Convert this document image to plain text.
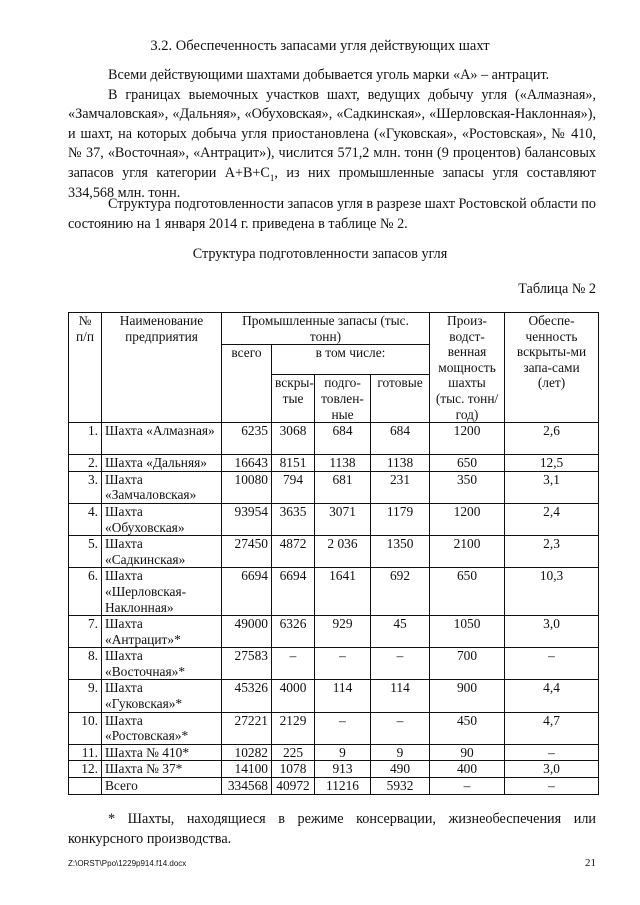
3.2. Обеспеченность запасами угля действующих шахт

Всеми действующими шахтами добывается уголь марки «А» – антрацит.

В границах выемочных участков шахт, ведущих добычу угля («Алмазная», «Замчаловская», «Дальняя», «Обуховская», «Садкинская», «Шерловская-Наклонная»), и шахт, на которых добыча угля приостановлена («Гуковская», «Ростовская», № 410, № 37, «Восточная», «Антрацит»), числится 571,2 млн. тонн (9 процентов) балансовых запасов угля категории $А+В+С_1$, из них промышленные запасы угля составляют 334,568 млн. тонн.

Структура подготовленности запасов угля в разрезе шахт Ростовской области по состоянию на 1 января 2014 г. приведена в таблице № 2.

Структура подготовленности запасов угля
Таблица № 2
№ п/п	Наименование предприятия	Промышленные запасы (тыс. тонн)				Произ-водст-венная мощность шахты (тыс. тонн/год)	Обеспе-ченность вскрыты-ми запа-сами (лет)
		всего	в том числе:				
			вскры-тые	подго-товлен-ные	готовые		
1.	Шахта «Алмазная»	6235	3068	684	684	1200	2,6
2.	Шахта «Дальняя»	16643	8151	1138	1138	650	12,5
3.	Шахта «Замчаловская»	10080	794	681	231	350	3,1
4.	Шахта «Обуховская»	93954	3635	3071	1179	1200	2,4
5.	Шахта «Садкинская»	27450	4872	2 036	1350	2100	2,3
6.	Шахта «Шерловская-Наклонная»	6694	6694	1641	692	650	10,3
7.	Шахта «Антрацит»*	49000	6326	929	45	1050	3,0
8.	Шахта «Восточная»*	27583	–	–	–	700	–
9.	Шахта «Гуковская»*	45326	4000	114	114	900	4,4
10.	Шахта «Ростовская»*	27221	2129	–	–	450	4,7
11.	Шахта № 410*	10282	225	9	9	90	–
12.	Шахта № 37*	14100	1078	913	490	400	3,0
	Всего	334568	40972	11216	5932	–	–

* Шахты, находящиеся в режиме консервации, жизнеобеспечения или конкурсного производства.

Z:\ORST\Ppo\1229p914.f14.docx	21
